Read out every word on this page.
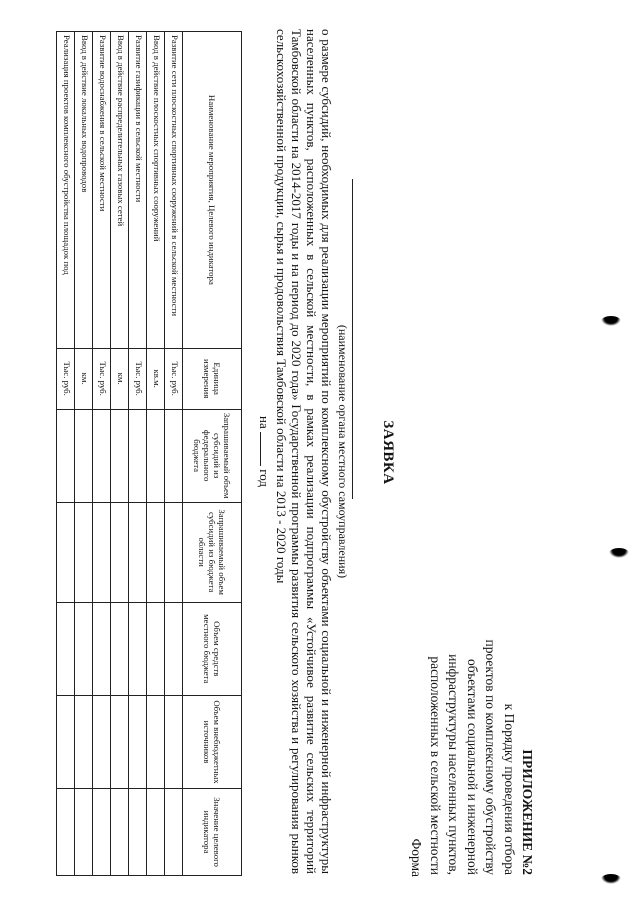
ПРИЛОЖЕНИЕ №2
к Порядку проведения отбора
проектов по комплексному обустройству
объектами социальной и инженерной
инфраструктуры населенных пунктов,
расположенных в сельской местности
Форма
ЗАЯВКА
(наименование органа местного самоуправления)
о размере субсидий, необходимых для реализации мероприятий по комплексному обустройству объектами социальной и инженерной инфраструктуры населенных пунктов, расположенных в сельской местности, в рамках реализации подпрограммы «Устойчивое развитие сельских территорий Тамбовской области на 2014-2017 годы и на период до 2020 года» Государственной программы развития сельского хозяйства и регулирования рынков сельскохозяйственной продукции, сырья и продовольствия Тамбовской области на 2013 - 2020 годы
на  год
Наименование мероприятия, Целевого индикатора	Единица измерения	Запрашиваемый объем субсидий из федерального бюджета	Запрашиваемый объем субсидий из бюджета области	Объем средств местного бюджета	Объем внебюджетных источников	Значение целевого индикатора
Развитие сети плоскостных спортивных сооружений в сельской местности	Тыс. руб.					
Ввод в действие плоскостных спортивных сооружений	кв.м.					
Развитие газификации в сельской местности	Тыс. руб.					
Ввод в действие распределительных газовых сетей	км.					
Развитие водоснабжения в сельской местности	Тыс. руб.					
Ввод в действие локальных водопроводов	км.					
Реализация проектов комплексного обустройства площадок под	Тыс. руб.					
